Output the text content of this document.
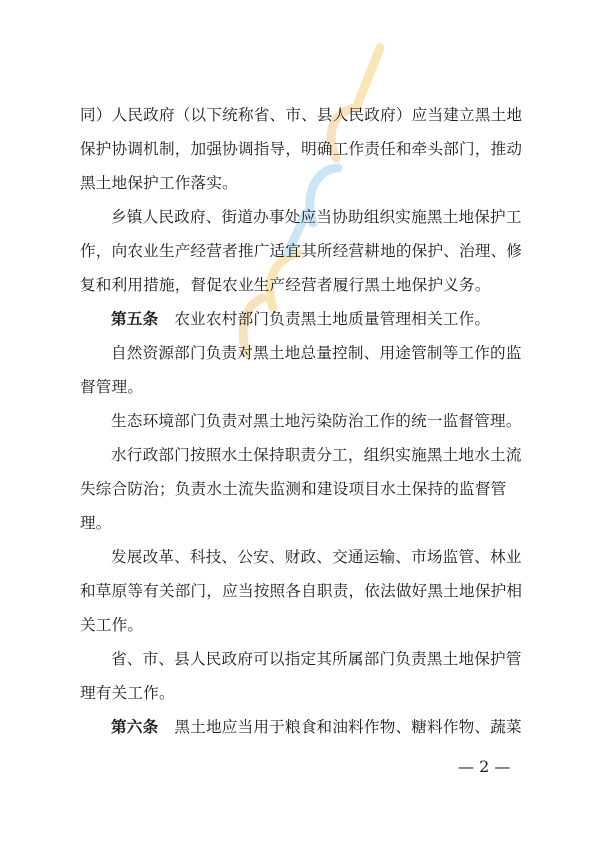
同）人民政府（以下统称省、市、县人民政府）应当建立黑土地
保护协调机制，加强协调指导，明确工作责任和牵头部门，推动
黑土地保护工作落实。
乡镇人民政府、街道办事处应当协助组织实施黑土地保护工
作，向农业生产经营者推广适宜其所经营耕地的保护、治理、修
复和利用措施，督促农业生产经营者履行黑土地保护义务。
第五条 农业农村部门负责黑土地质量管理相关工作。
自然资源部门负责对黑土地总量控制、用途管制等工作的监
督管理。
生态环境部门负责对黑土地污染防治工作的统一监督管理。
水行政部门按照水土保持职责分工，组织实施黑土地水土流
失综合防治；负责水土流失监测和建设项目水土保持的监督管
理。
发展改革、科技、公安、财政、交通运输、市场监管、林业
和草原等有关部门，应当按照各自职责，依法做好黑土地保护相
关工作。
省、市、县人民政府可以指定其所属部门负责黑土地保护管
理有关工作。
第六条 黑土地应当用于粮食和油料作物、糖料作物、蔬菜
— 2 —
